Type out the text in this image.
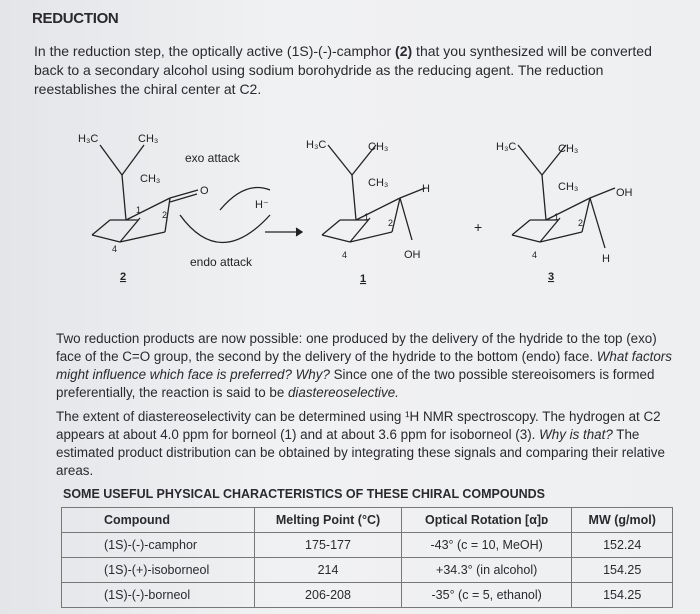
REDUCTION
In the reduction step, the optically active (1S)-(-)-camphor (2) that you synthesized will be converted back to a secondary alcohol using sodium borohydride as the reducing agent. The reduction reestablishes the chiral center at C2.
H₃C	CH₃
CH₃
exo attack
O
H⁻
endo attack
1 2
4
2
H₃C	CH₃
CH₃	H
1
2
4	OH
1
+
H₃C	CH₃
CH₃	OH
1
2
4	H
3
Two reduction products are now possible: one produced by the delivery of the hydride to the top (exo) face of the C=O group, the second by the delivery of the hydride to the bottom (endo) face. What factors might influence which face is preferred? Why? Since one of the two possible stereoisomers is formed preferentially, the reaction is said to be diastereoselective.
The extent of diastereoselectivity can be determined using ¹H NMR spectroscopy. The hydrogen at C2 appears at about 4.0 ppm for borneol (1) and at about 3.6 ppm for isoborneol (3). Why is that? The estimated product distribution can be obtained by integrating these signals and comparing their relative areas.
SOME USEFUL PHYSICAL CHARACTERISTICS OF THESE CHIRAL COMPOUNDS
Compound	Melting Point (°C)	Optical Rotation [α]ᴅ	MW (g/mol)
(1S)-(-)-camphor	175-177	-43° (c = 10, MeOH)	152.24
(1S)-(+)-isoborneol	214	+34.3° (in alcohol)	154.25
(1S)-(-)-borneol	206-208	-35° (c = 5, ethanol)	154.25
